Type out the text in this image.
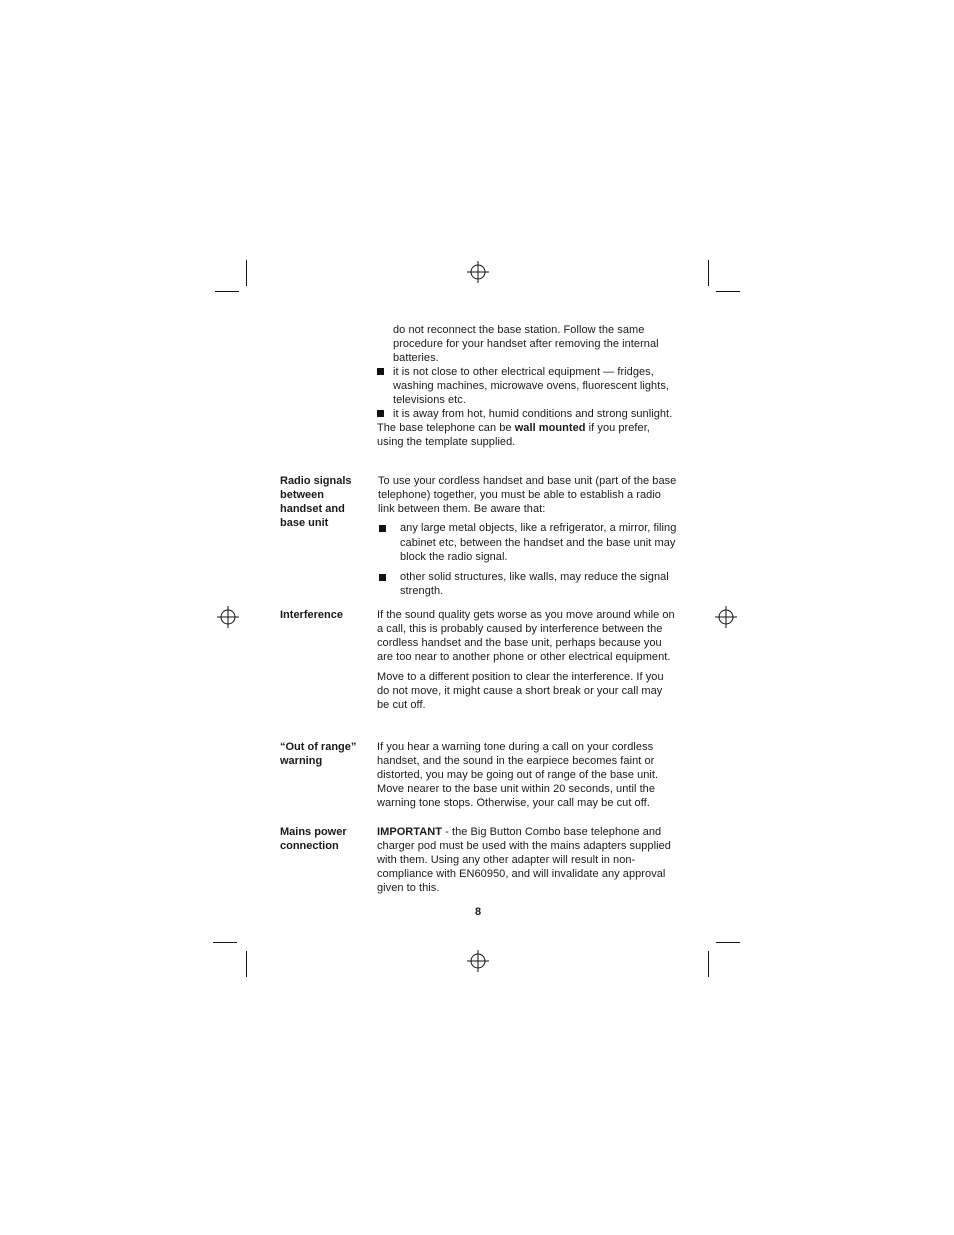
do not reconnect the base station. Follow the same procedure for your handset after removing the internal batteries.
it is not close to other electrical equipment — fridges, washing machines, microwave ovens, fluorescent lights, televisions etc.
it is away from hot, humid conditions and strong sunlight.
The base telephone can be wall mounted if you prefer, using the template supplied.
Radio signals
between
handset and
base unit
To use your cordless handset and base unit (part of the base telephone) together, you must be able to establish a radio link between them. Be aware that:
any large metal objects, like a refrigerator, a mirror, filing cabinet etc, between the handset and the base unit may block the radio signal.
other solid structures, like walls, may reduce the signal strength.
Interference	If the sound quality gets worse as you move around while on a call, this is probably caused by interference between the cordless handset and the base unit, perhaps because you are too near to another phone or other electrical equipment.
Move to a different position to clear the interference. If you do not move, it might cause a short break or your call may be cut off.
“Out of range”
warning
If you hear a warning tone during a call on your cordless handset, and the sound in the earpiece becomes faint or distorted, you may be going out of range of the base unit. Move nearer to the base unit within 20 seconds, until the warning tone stops. Otherwise, your call may be cut off.
Mains power
connection
IMPORTANT - the Big Button Combo base telephone and charger pod must be used with the mains adapters supplied with them. Using any other adapter will result in non-compliance with EN60950, and will invalidate any approval given to this.
8
